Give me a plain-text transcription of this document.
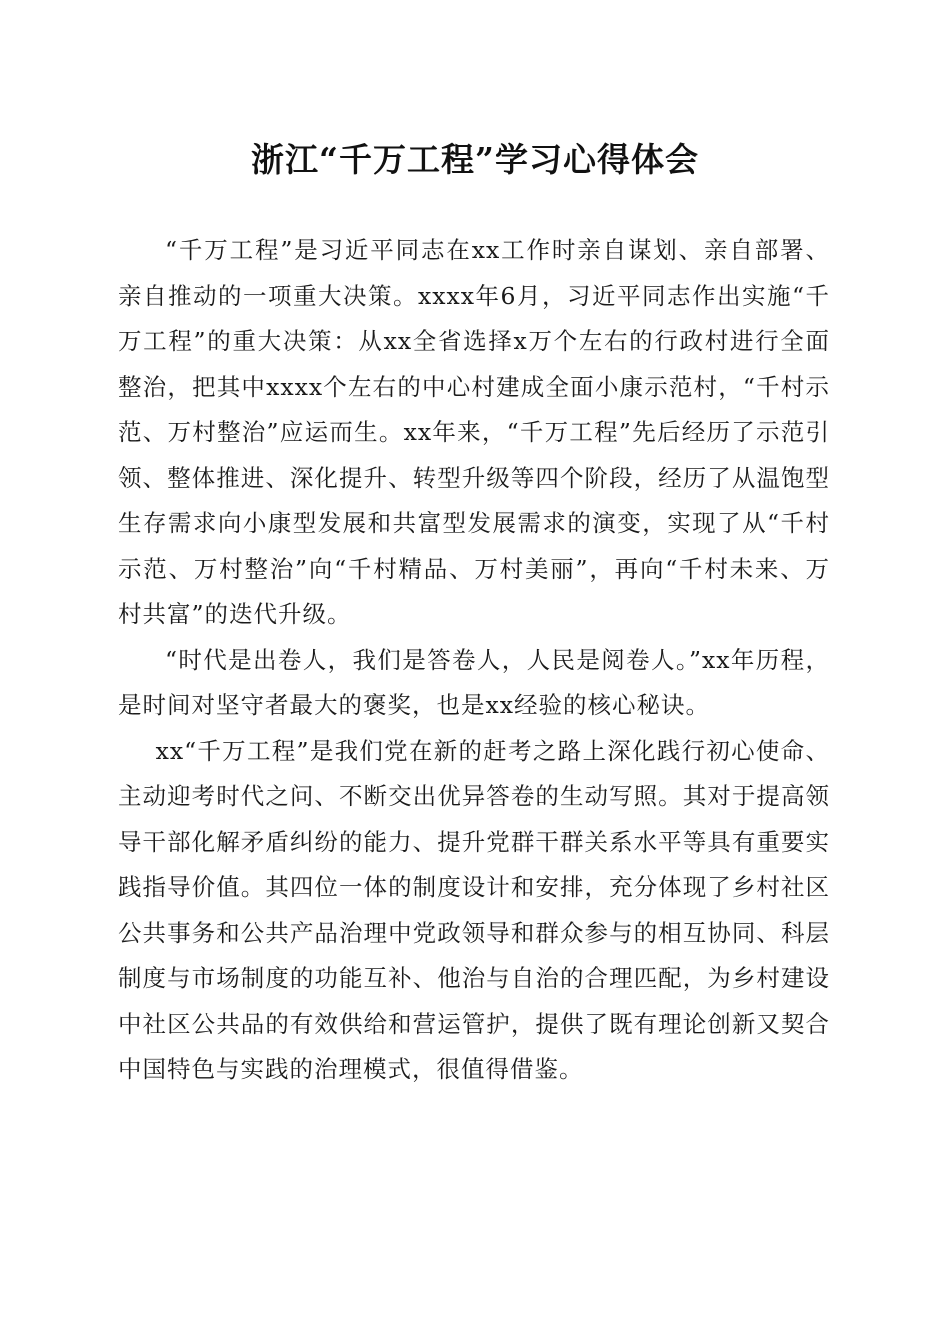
浙江“千万工程”学习心得体会

“千万工程”是习近平同志在xx工作时亲自谋划、亲自部署、亲自推动的一项重大决策。xxxx年6月，习近平同志作出实施“千万工程”的重大决策：从xx全省选择x万个左右的行政村进行全面整治，把其中xxxx个左右的中心村建成全面小康示范村，“千村示范、万村整治”应运而生。xx年来，“千万工程”先后经历了示范引领、整体推进、深化提升、转型升级等四个阶段，经历了从温饱型生存需求向小康型发展和共富型发展需求的演变，实现了从“千村示范、万村整治”向“千村精品、万村美丽”，再向“千村未来、万村共富”的迭代升级。

“时代是出卷人，我们是答卷人，人民是阅卷人。”xx年历程，是时间对坚守者最大的褒奖，也是xx经验的核心秘诀。

xx“千万工程”是我们党在新的赶考之路上深化践行初心使命、主动迎考时代之问、不断交出优异答卷的生动写照。其对于提高领导干部化解矛盾纠纷的能力、提升党群干群关系水平等具有重要实践指导价值。其四位一体的制度设计和安排，充分体现了乡村社区公共事务和公共产品治理中党政领导和群众参与的相互协同、科层制度与市场制度的功能互补、他治与自治的合理匹配，为乡村建设中社区公共品的有效供给和营运管护，提供了既有理论创新又契合中国特色与实践的治理模式，很值得借鉴。
